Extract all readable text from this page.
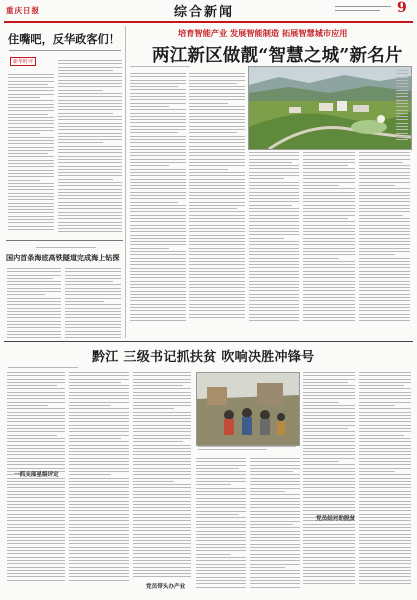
重庆日报	综合新闻	9
住嘴吧，反华政客们！
新华时评
国内首条海底高铁隧道完成海上钻探
培育智能产业 发展智能制造 拓展智慧城市应用
两江新区做靓“智慧之城”新名片
黔江 三级书记抓扶贫 吹响决胜冲锋号
一抓支部星级评定
党员带头办产业
党员结对助脱贫
